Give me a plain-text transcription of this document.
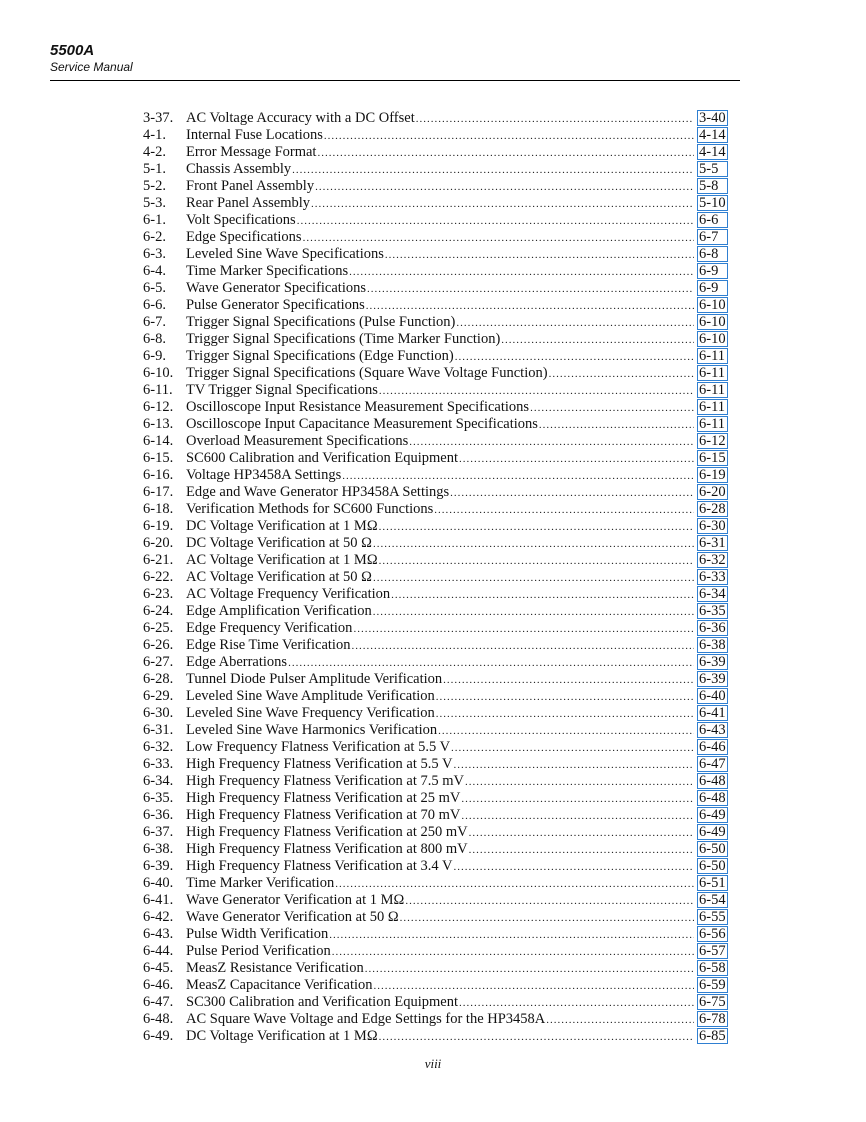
5500A
Service Manual
3-37. AC Voltage Accuracy with a DC Offset .....	3-40
4-1.	Internal Fuse Locations .....	4-14
4-2.	Error Message Format .....	4-14
5-1.	Chassis Assembly .....	5-5
5-2.	Front Panel Assembly .....	5-8
5-3.	Rear Panel Assembly .....	5-10
6-1.	Volt Specifications .....	6-6
6-2.	Edge Specifications .....	6-7
6-3.	Leveled Sine Wave Specifications .....	6-8
6-4.	Time Marker Specifications .....	6-9
6-5.	Wave Generator Specifications .....	6-9
6-6.	Pulse Generator Specifications .....	6-10
6-7.	Trigger Signal Specifications (Pulse Function) .....	6-10
6-8.	Trigger Signal Specifications (Time Marker Function) .....	6-10
6-9.	Trigger Signal Specifications (Edge Function) .....	6-11
6-10. Trigger Signal Specifications (Square Wave Voltage Function) .....	6-11
6-11. TV Trigger Signal Specifications .....	6-11
6-12. Oscilloscope Input Resistance Measurement Specifications .....	6-11
6-13. Oscilloscope Input Capacitance Measurement Specifications .....	6-11
6-14. Overload Measurement Specifications .....	6-12
6-15. SC600 Calibration and Verification Equipment .....	6-15
6-16. Voltage HP3458A Settings .....	6-19
6-17. Edge and Wave Generator HP3458A Settings .....	6-20
6-18. Verification Methods for SC600 Functions .....	6-28
6-19. DC Voltage Verification at 1 MΩ .....	6-30
6-20. DC Voltage Verification at 50 Ω .....	6-31
6-21. AC Voltage Verification at 1 MΩ .....	6-32
6-22. AC Voltage Verification at 50 Ω .....	6-33
6-23. AC Voltage Frequency Verification .....	6-34
6-24. Edge Amplification Verification .....	6-35
6-25. Edge Frequency Verification .....	6-36
6-26. Edge Rise Time Verification .....	6-38
6-27. Edge Aberrations .....	6-39
6-28. Tunnel Diode Pulser Amplitude Verification .....	6-39
6-29. Leveled Sine Wave Amplitude Verification .....	6-40
6-30. Leveled Sine Wave Frequency Verification .....	6-41
6-31. Leveled Sine Wave Harmonics Verification .....	6-43
6-32. Low Frequency Flatness Verification at 5.5 V .....	6-46
6-33. High Frequency Flatness Verification at 5.5 V .....	6-47
6-34. High Frequency Flatness Verification at 7.5 mV .....	6-48
6-35. High Frequency Flatness Verification at 25 mV .....	6-48
6-36. High Frequency Flatness Verification at 70 mV .....	6-49
6-37. High Frequency Flatness Verification at 250 mV .....	6-49
6-38. High Frequency Flatness Verification at 800 mV .....	6-50
6-39. High Frequency Flatness Verification at 3.4 V .....	6-50
6-40. Time Marker Verification .....	6-51
6-41. Wave Generator Verification at 1 MΩ .....	6-54
6-42. Wave Generator Verification at 50 Ω .....	6-55
6-43. Pulse Width Verification .....	6-56
6-44. Pulse Period Verification .....	6-57
6-45. MeasZ Resistance Verification .....	6-58
6-46. MeasZ Capacitance Verification .....	6-59
6-47. SC300 Calibration and Verification Equipment .....	6-75
6-48. AC Square Wave Voltage and Edge Settings for the HP3458A .....	6-78
6-49. DC Voltage Verification at 1 MΩ .....	6-85
viii
